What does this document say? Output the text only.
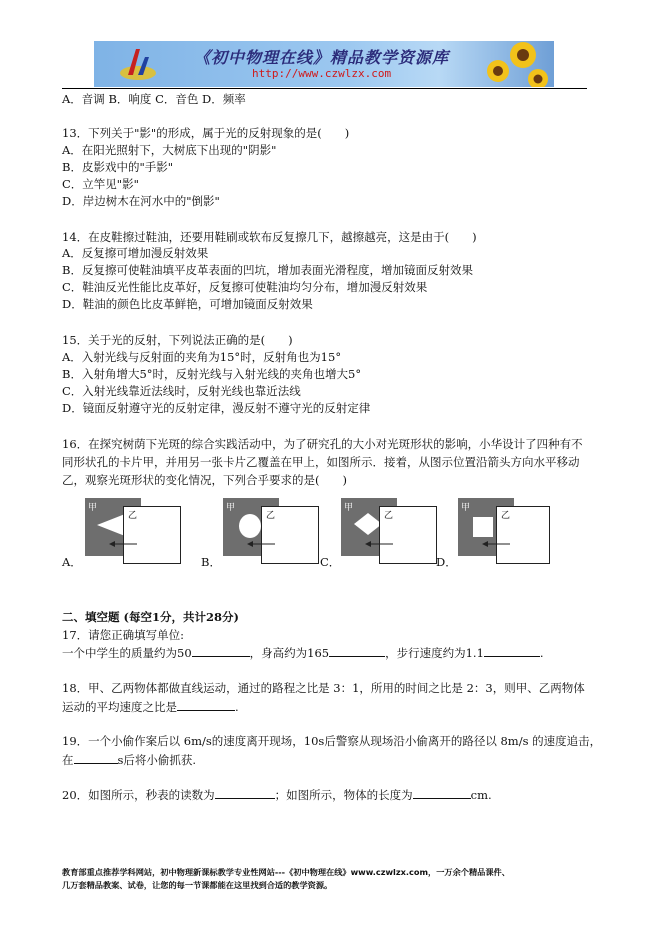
《初中物理在线》精品教学资源库
http://www.czwlzx.com
A．音调 B．响度 C．音色 D．频率
13．下列关于"影"的形成，属于光的反射现象的是(　　)
A．在阳光照射下，大树底下出现的"阴影"
B．皮影戏中的"手影"
C．立竿见"影"
D．岸边树木在河水中的"倒影"
14．在皮鞋擦过鞋油，还要用鞋刷或软布反复擦几下，越擦越亮，这是由于(　　)
A．反复擦可增加漫反射效果
B．反复擦可使鞋油填平皮革表面的凹坑，增加表面光滑程度，增加镜面反射效果
C．鞋油反光性能比皮革好，反复擦可使鞋油均匀分布，增加漫反射效果
D．鞋油的颜色比皮革鲜艳，可增加镜面反射效果
15．关于光的反射，下列说法正确的是(　　)
A．入射光线与反射面的夹角为15°时，反射角也为15°
B．入射角增大5°时，反射光线与入射光线的夹角也增大5°
C．入射光线靠近法线时，反射光线也靠近法线
D．镜面反射遵守光的反射定律，漫反射不遵守光的反射定律
16．在探究树荫下光斑的综合实践活动中，为了研究孔的大小对光斑形状的影响，小华设计了四种有不
同形状孔的卡片甲，并用另一张卡片乙覆盖在甲上，如图所示．接着，从图示位置沿箭头方向水平移动
乙，观察光斑形状的变化情况，下列合乎要求的是(　　)
甲
乙
A．
甲
乙
B．
甲
乙
C．
甲
乙
D．
二、填空题 (每空1分，共计28分)
17．请您正确填写单位:
一个中学生的质量约为50	，身高约为165	，步行速度约为1.1	.
18．甲、乙两物体都做直线运动，通过的路程之比是 3：1，所用的时间之比是 2：3，则甲、乙两物体
运动的平均速度之比是	.
19．一个小偷作案后以 6m/s的速度离开现场，10s后警察从现场沿小偷离开的路径以 8m/s 的速度追击，
在	s后将小偷抓获.
20．如图所示，秒表的读数为	；如图所示，物体的长度为	cm.
教育部重点推荐学科网站，初中物理新课标教学专业性网站---《初中物理在线》www.czwlzx.com，一万余个精品课件、
几万套精品教案、试卷，让您的每一节课都能在这里找到合适的教学资源。
